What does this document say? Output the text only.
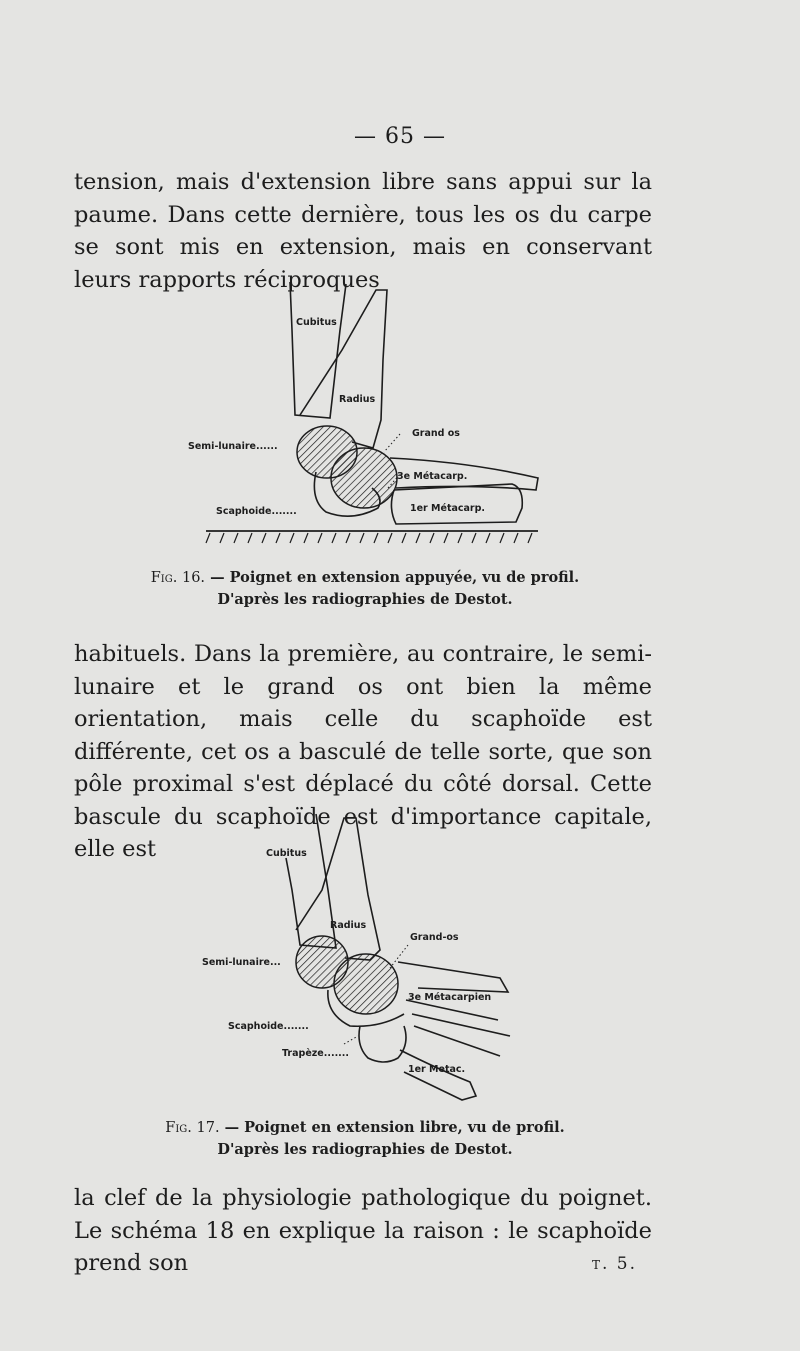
— 65 —

tension, mais d'extension libre sans appui sur la paume. Dans cette dernière, tous les os du carpe se sont mis en extension, mais en conservant leurs rapports réciproques

Cubitus
Radius
Grand os
Semi-lunaire......
3e Métacarp.
1er Métacarp.
Scaphoide.......

Fig. 16. — Poignet en extension appuyée, vu de profil.
D'après les radiographies de Destot.

habituels. Dans la première, au contraire, le semi-lunaire et le grand os ont bien la même orientation, mais celle du scaphoïde est différente, cet os a basculé de telle sorte, que son pôle proximal s'est déplacé du côté dorsal. Cette bascule du scaphoïde est d'importance capitale, elle est	Cubitus
Radius
Grand-os
Semi-lunaire...
3e Métacarpien
Scaphoide.......
Trapèze.......
1er Metac.

Fig. 17. — Poignet en extension libre, vu de profil.
D'après les radiographies de Destot.

la clef de la physiologie pathologique du poignet. Le schéma 18 en explique la raison : le scaphoïde prend son	t. 5.
